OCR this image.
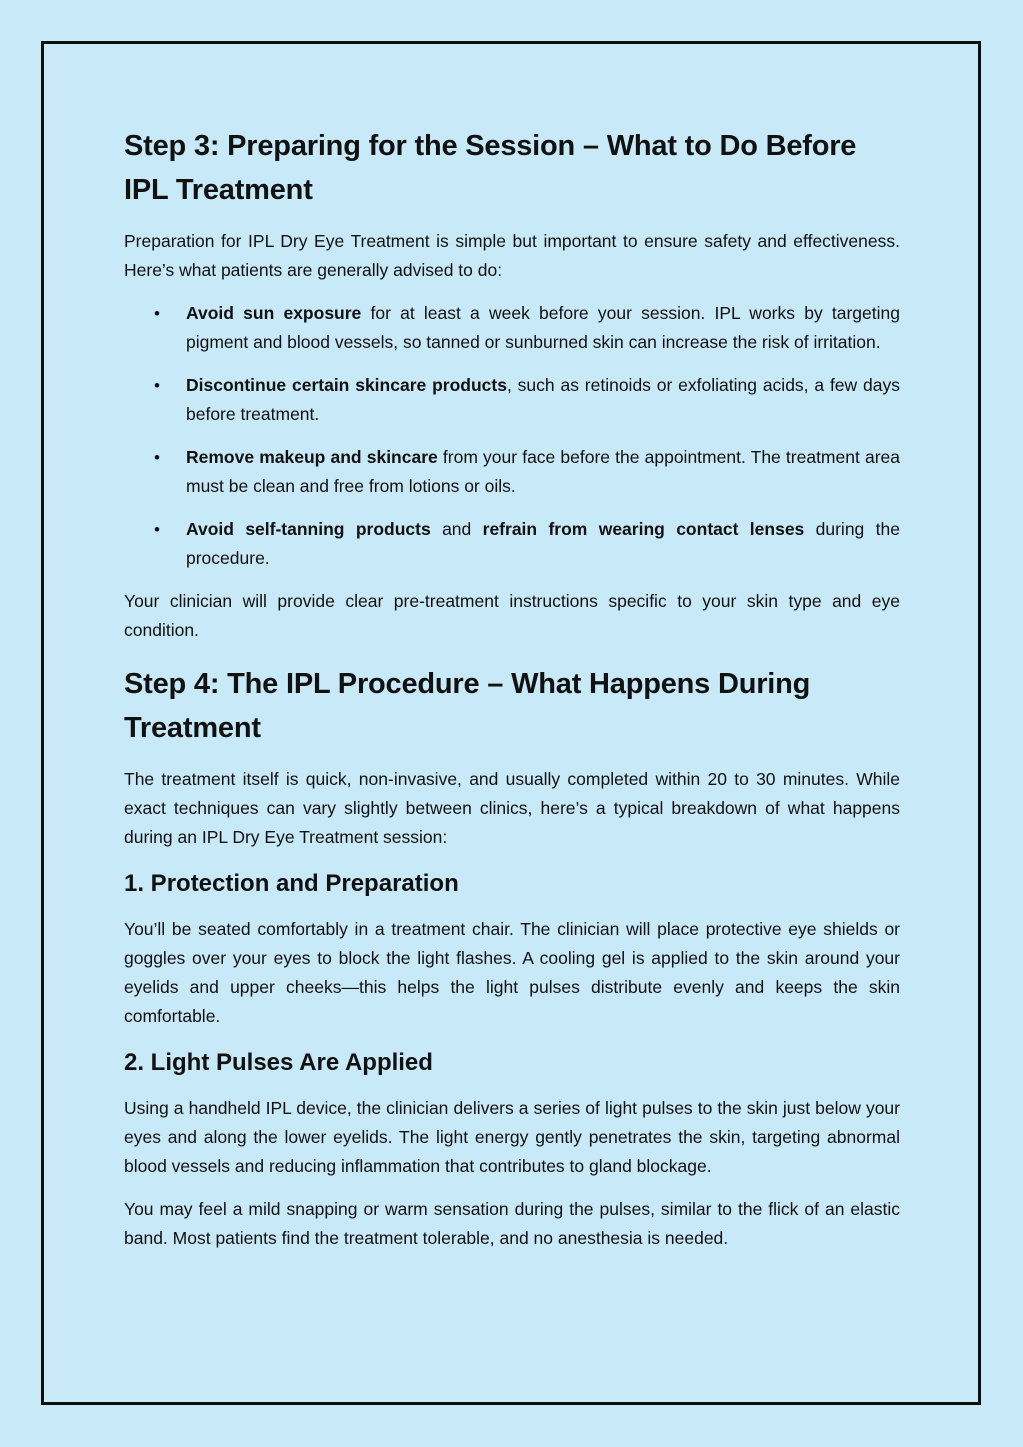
Step 3: Preparing for the Session – What to Do Before IPL Treatment

Preparation for IPL Dry Eye Treatment is simple but important to ensure safety and effectiveness. Here’s what patients are generally advised to do:

• Avoid sun exposure for at least a week before your session. IPL works by targeting pigment and blood vessels, so tanned or sunburned skin can increase the risk of irritation.
• Discontinue certain skincare products, such as retinoids or exfoliating acids, a few days before treatment.
• Remove makeup and skincare from your face before the appointment. The treatment area must be clean and free from lotions or oils.
• Avoid self-tanning products and refrain from wearing contact lenses during the procedure.

Your clinician will provide clear pre-treatment instructions specific to your skin type and eye condition.

Step 4: The IPL Procedure – What Happens During Treatment

The treatment itself is quick, non-invasive, and usually completed within 20 to 30 minutes. While exact techniques can vary slightly between clinics, here’s a typical breakdown of what happens during an IPL Dry Eye Treatment session:

1. Protection and Preparation

You’ll be seated comfortably in a treatment chair. The clinician will place protective eye shields or goggles over your eyes to block the light flashes. A cooling gel is applied to the skin around your eyelids and upper cheeks—this helps the light pulses distribute evenly and keeps the skin comfortable.

2. Light Pulses Are Applied

Using a handheld IPL device, the clinician delivers a series of light pulses to the skin just below your eyes and along the lower eyelids. The light energy gently penetrates the skin, targeting abnormal blood vessels and reducing inflammation that contributes to gland blockage.

You may feel a mild snapping or warm sensation during the pulses, similar to the flick of an elastic band. Most patients find the treatment tolerable, and no anesthesia is needed.
